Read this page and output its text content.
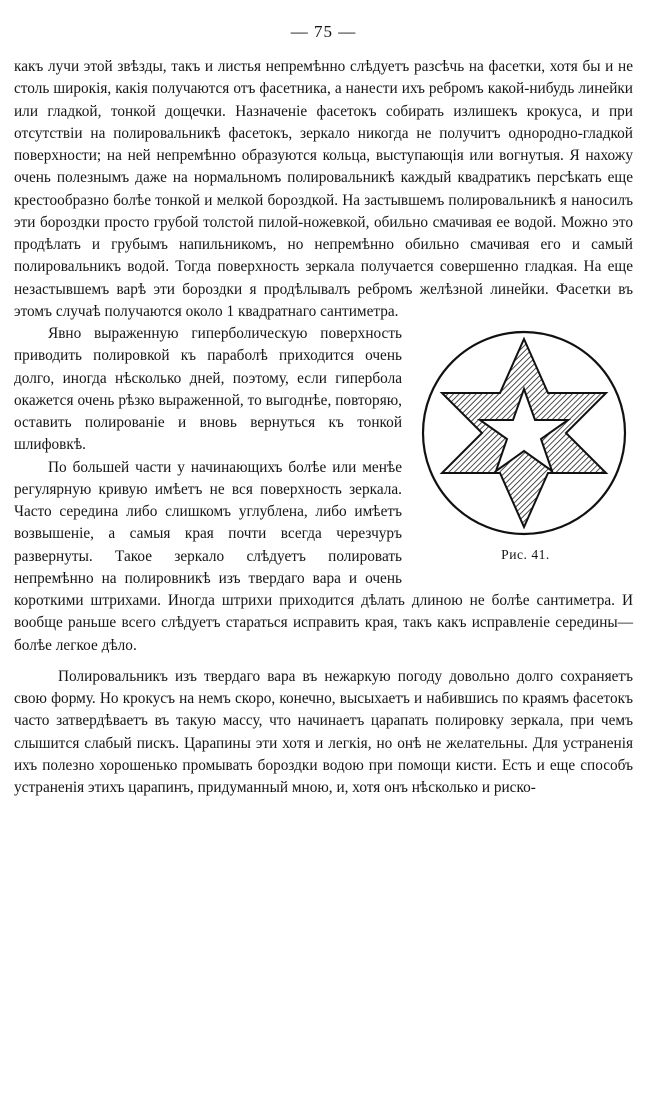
— 75 —

какъ лучи этой звѣзды, такъ и листья непремѣнно слѣдуетъ разсѣчь на фасетки, хотя бы и не столь широкія, какія получаются отъ фасетника, а нанести ихъ ребромъ какой-нибудь линейки или гладкой, тонкой дощечки. Назначеніе фасетокъ собирать излишекъ крокуса, и при отсутствіи на полировальникѣ фасетокъ, зеркало никогда не получитъ однородно-гладкой поверхности; на ней непремѣнно образуются кольца, выступающія или вогнутыя. Я нахожу очень полезнымъ даже на нормальномъ полировальникѣ каждый квадратикъ персѣкать еще крестообразно болѣе тонкой и мелкой бороздкой. На застывшемъ полировальникѣ я наносилъ эти бороздки просто грубой толстой пилой-ножевкой, обильно смачивая ее водой. Можно это продѣлать и грубымъ напильникомъ, но непремѣнно обильно смачивая его и самый полировальникъ водой. Тогда поверхность зеркала получается совершенно гладкая. На еще незастывшемъ варѣ эти бороздки я продѣлывалъ ребромъ желѣзной линейки. Фасетки въ этомъ случаѣ получаются около 1 квадратнаго сантиметра.

Рис. 41.

Явно выраженную гиперболическую поверхность приводить полировкой къ параболѣ приходится очень долго, иногда нѣсколько дней, поэтому, если гипербола окажется очень рѣзко выраженной, то выгоднѣе, повторяю, оставить полированіе и вновь вернуться къ тонкой шлифовкѣ.

По большей части у начинающихъ болѣе или менѣе регулярную кривую имѣетъ не вся поверхность зеркала. Часто середина либо слишкомъ углублена, либо имѣетъ возвышеніе, а самыя края почти всегда черезчуръ развернуты. Такое зеркало слѣдуетъ полировать непремѣнно на полировникѣ изъ твердаго вара и очень короткими штрихами. Иногда штрихи приходится дѣлать длиною не болѣе сантиметра. И вообще раньше всего слѣдуетъ стараться исправить края, такъ какъ исправленіе середины—болѣе легкое дѣло.

Полировальникъ изъ твердаго вара въ нежаркую погоду довольно долго сохраняетъ свою форму. Но крокусъ на немъ скоро, конечно, высыхаетъ и набившись по краямъ фасетокъ часто затвердѣваетъ въ такую массу, что начинаетъ царапать полировку зеркала, при чемъ слышится слабый пискъ. Царапины эти хотя и легкія, но онѣ не желательны. Для устраненія ихъ полезно хорошенько промывать бороздки водою при помощи кисти. Есть и еще способъ устраненія этихъ царапинъ, придуманный мною, и, хотя онъ нѣсколько и риско-
